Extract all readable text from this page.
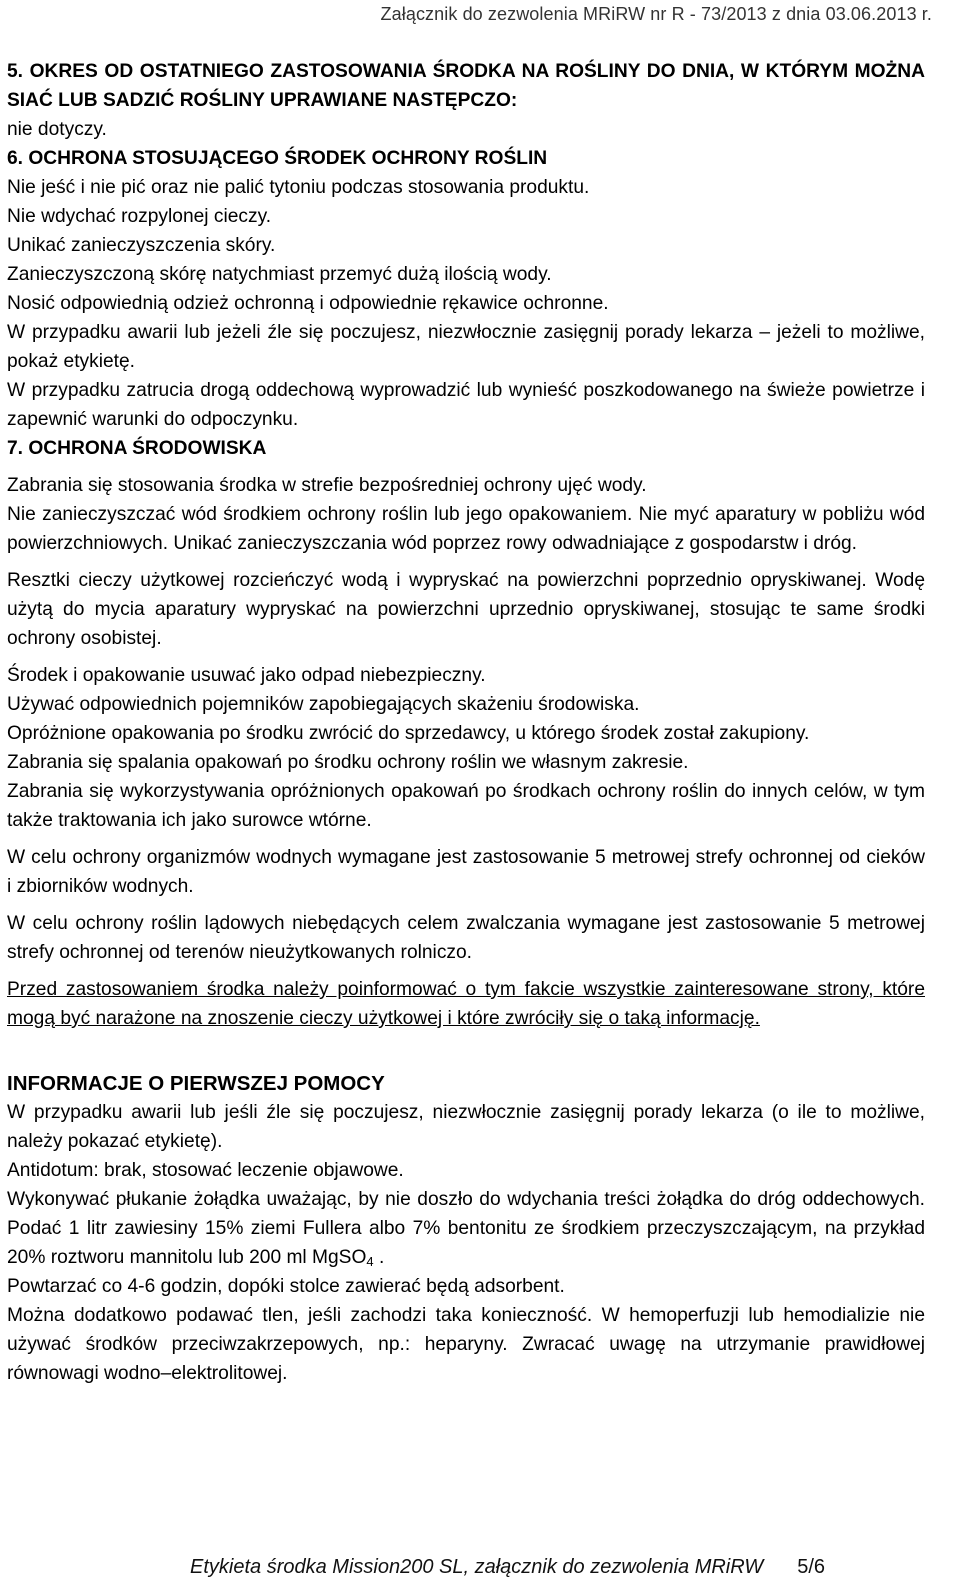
Załącznik do zezwolenia MRiRW nr R - 73/2013 z dnia 03.06.2013 r.

5. OKRES OD OSTATNIEGO ZASTOSOWANIA ŚRODKA NA ROŚLINY DO DNIA, W KTÓRYM MOŻNA SIAĆ LUB SADZIĆ ROŚLINY UPRAWIANE NASTĘPCZO:

nie dotyczy.

6. OCHRONA STOSUJĄCEGO ŚRODEK OCHRONY ROŚLIN

Nie jeść i nie pić oraz nie palić tytoniu podczas stosowania produktu.

Nie wdychać rozpylonej cieczy.

Unikać zanieczyszczenia skóry.

Zanieczyszczoną skórę natychmiast przemyć dużą ilością wody.

Nosić odpowiednią odzież ochronną i odpowiednie rękawice ochronne.

W przypadku awarii lub jeżeli źle się poczujesz, niezwłocznie zasięgnij porady lekarza – jeżeli to możliwe, pokaż etykietę.

W przypadku zatrucia drogą oddechową wyprowadzić lub wynieść poszkodowanego na świeże powietrze i zapewnić warunki do odpoczynku.

7. OCHRONA ŚRODOWISKA

Zabrania się stosowania środka w strefie bezpośredniej ochrony ujęć wody.

Nie zanieczyszczać wód środkiem ochrony roślin lub jego opakowaniem. Nie myć aparatury w pobliżu wód powierzchniowych. Unikać zanieczyszczania wód poprzez rowy odwadniające z gospodarstw i dróg.

Resztki cieczy użytkowej rozcieńczyć wodą i wypryskać na powierzchni poprzednio opryskiwanej. Wodę użytą do mycia aparatury wypryskać na powierzchni uprzednio opryskiwanej, stosując te same środki ochrony osobistej.

Środek i opakowanie usuwać jako odpad niebezpieczny.

Używać odpowiednich pojemników zapobiegających skażeniu środowiska.

Opróżnione opakowania po środku zwrócić do sprzedawcy, u którego środek został zakupiony.

Zabrania się spalania opakowań po środku ochrony roślin we własnym zakresie.

Zabrania się wykorzystywania opróżnionych opakowań po środkach ochrony roślin do innych celów, w tym także traktowania ich jako surowce wtórne.

W celu ochrony organizmów wodnych wymagane jest zastosowanie 5 metrowej strefy ochronnej od cieków i zbiorników wodnych.

W celu ochrony roślin lądowych niebędących celem zwalczania wymagane jest zastosowanie 5 metrowej strefy ochronnej od terenów nieużytkowanych rolniczo.

Przed zastosowaniem środka należy poinformować o tym fakcie wszystkie zainteresowane strony, które mogą być narażone na znoszenie cieczy użytkowej i które zwróciły się o taką informację.

INFORMACJE O PIERWSZEJ POMOCY

W przypadku awarii lub jeśli źle się poczujesz, niezwłocznie zasięgnij porady lekarza (o ile to możliwe, należy pokazać etykietę).

Antidotum: brak, stosować leczenie objawowe.

Wykonywać płukanie żołądka uważając, by nie doszło do wdychania treści żołądka do dróg oddechowych. Podać 1 litr zawiesiny 15% ziemi Fullera albo 7% bentonitu ze środkiem przeczyszczającym, na przykład 20% roztworu mannitolu lub 200 ml MgSO$_4$ .

Powtarzać co 4-6 godzin, dopóki stolce zawierać będą adsorbent.

Można dodatkowo podawać tlen, jeśli zachodzi taka konieczność. W hemoperfuzji lub hemodializie nie używać środków przeciwzakrzepowych, np.: heparyny. Zwracać uwagę na utrzymanie prawidłowej równowagi wodno–elektrolitowej.

Etykieta środka Mission200 SL, załącznik do zezwolenia MRiRW 5/6
